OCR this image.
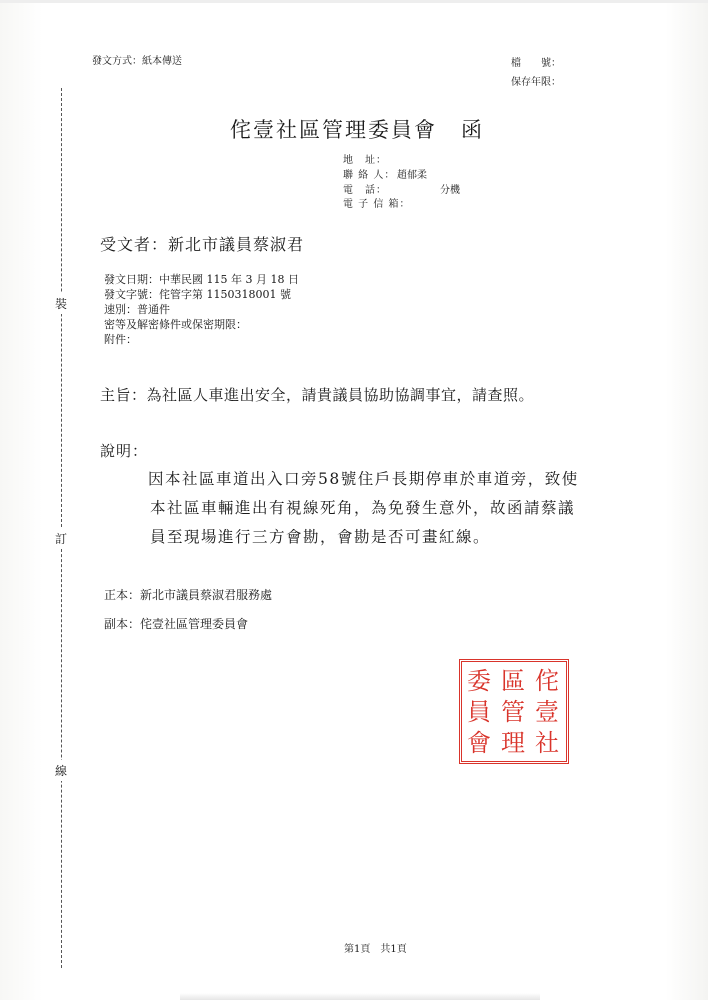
發文方式：紙本傳送	檔　　號：
保存年限：
裝
訂
線
侘壹社區管理委員會 函
地　址：
聯 絡 人： 趙郁柔
電　話：	分機
電 子 信 箱：
受文者：新北市議員蔡淑君
發文日期：中華民國 115 年 3 月 18 日
發文字號：侘管字第 1150318001 號
速別：普通件
密等及解密條件或保密期限：
附件：
主旨：為社區人車進出安全，請貴議員協助協調事宜，請查照。
說明：
因本社區車道出入口旁58號住戶長期停車於車道旁，致使
本社區車輛進出有視線死角，為免發生意外，故函請蔡議
員至現場進行三方會勘，會勘是否可畫紅線。
正本：新北市議員蔡淑君服務處
副本：侘壹社區管理委員會
侘
壹
社
區
管
理
委
員
會
第1頁　共1頁
